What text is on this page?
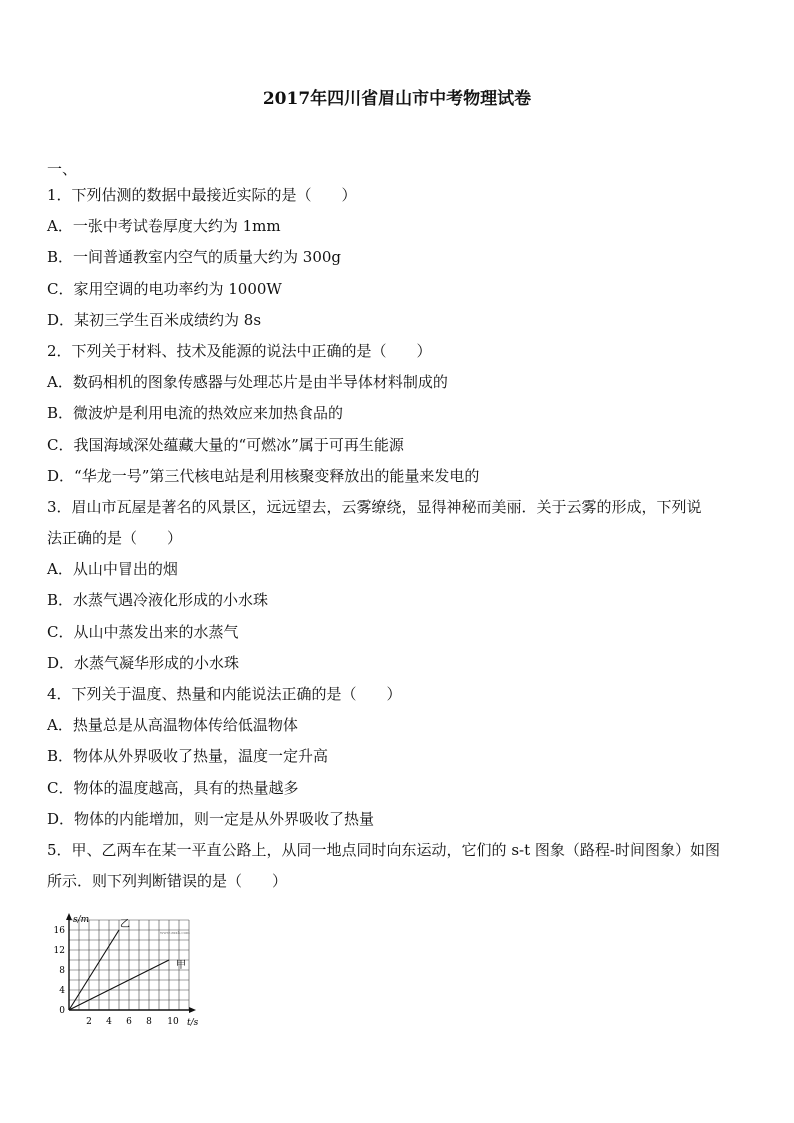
2017年四川省眉山市中考物理试卷
一、
1．下列估测的数据中最接近实际的是（　　）
A．一张中考试卷厚度大约为 1mm
B．一间普通教室内空气的质量大约为 300g
C．家用空调的电功率约为 1000W
D．某初三学生百米成绩约为 8s
2．下列关于材料、技术及能源的说法中正确的是（　　）
A．数码相机的图象传感器与处理芯片是由半导体材料制成的
B．微波炉是利用电流的热效应来加热食品的
C．我国海域深处蕴藏大量的“可燃冰”属于可再生能源
D．“华龙一号”第三代核电站是利用核聚变释放出的能量来发电的
3．眉山市瓦屋是著名的风景区，远远望去，云雾缭绕，显得神秘而美丽．关于云雾的形成，下列说
法正确的是（　　）
A．从山中冒出的烟
B．水蒸气遇冷液化形成的小水珠
C．从山中蒸发出来的水蒸气
D．水蒸气凝华形成的小水珠
4．下列关于温度、热量和内能说法正确的是（　　）
A．热量总是从高温物体传给低温物体
B．物体从外界吸收了热量，温度一定升高
C．物体的温度越高，具有的热量越多
D．物体的内能增加，则一定是从外界吸收了热量
5．甲、乙两车在某一平直公路上，从同一地点同时向东运动，它们的 s-t 图象（路程-时间图象）如图
所示．则下列判断错误的是（　　）
s/m
t/s
16
12
8
4
0
2 4 6 8 10
乙
甲
www.zxxk.com
